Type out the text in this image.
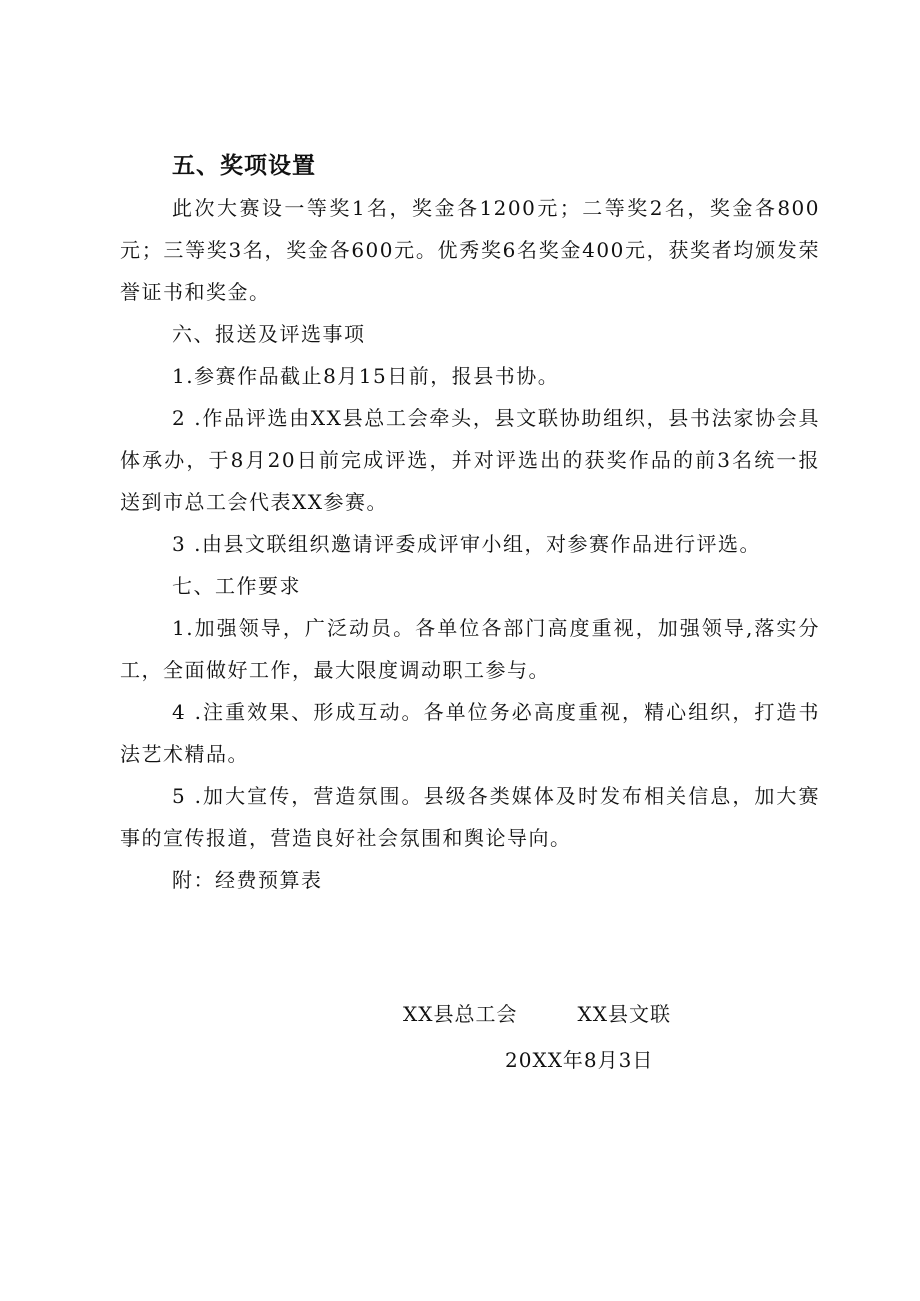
五、奖项设置

此次大赛设一等奖1名，奖金各1200元；二等奖2名，奖金各800元；三等奖3名，奖金各600元。优秀奖6名奖金400元，获奖者均颁发荣誉证书和奖金。

六、报送及评选事项

1.参赛作品截止8月15日前，报县书协。

2 .作品评选由XX县总工会牵头，县文联协助组织，县书法家协会具体承办，于8月20日前完成评选，并对评选出的获奖作品的前3名统一报送到市总工会代表XX参赛。

3 .由县文联组织邀请评委成评审小组，对参赛作品进行评选。

七、工作要求

1.加强领导，广泛动员。各单位各部门高度重视，加强领导,落实分工，全面做好工作，最大限度调动职工参与。

4 .注重效果、形成互动。各单位务必高度重视，精心组织，打造书法艺术精品。

5 .加大宣传，营造氛围。县级各类媒体及时发布相关信息，加大赛事的宣传报道，营造良好社会氛围和舆论导向。

附：经费预算表

XX县总工会	XX县文联
20XX年8月3日
